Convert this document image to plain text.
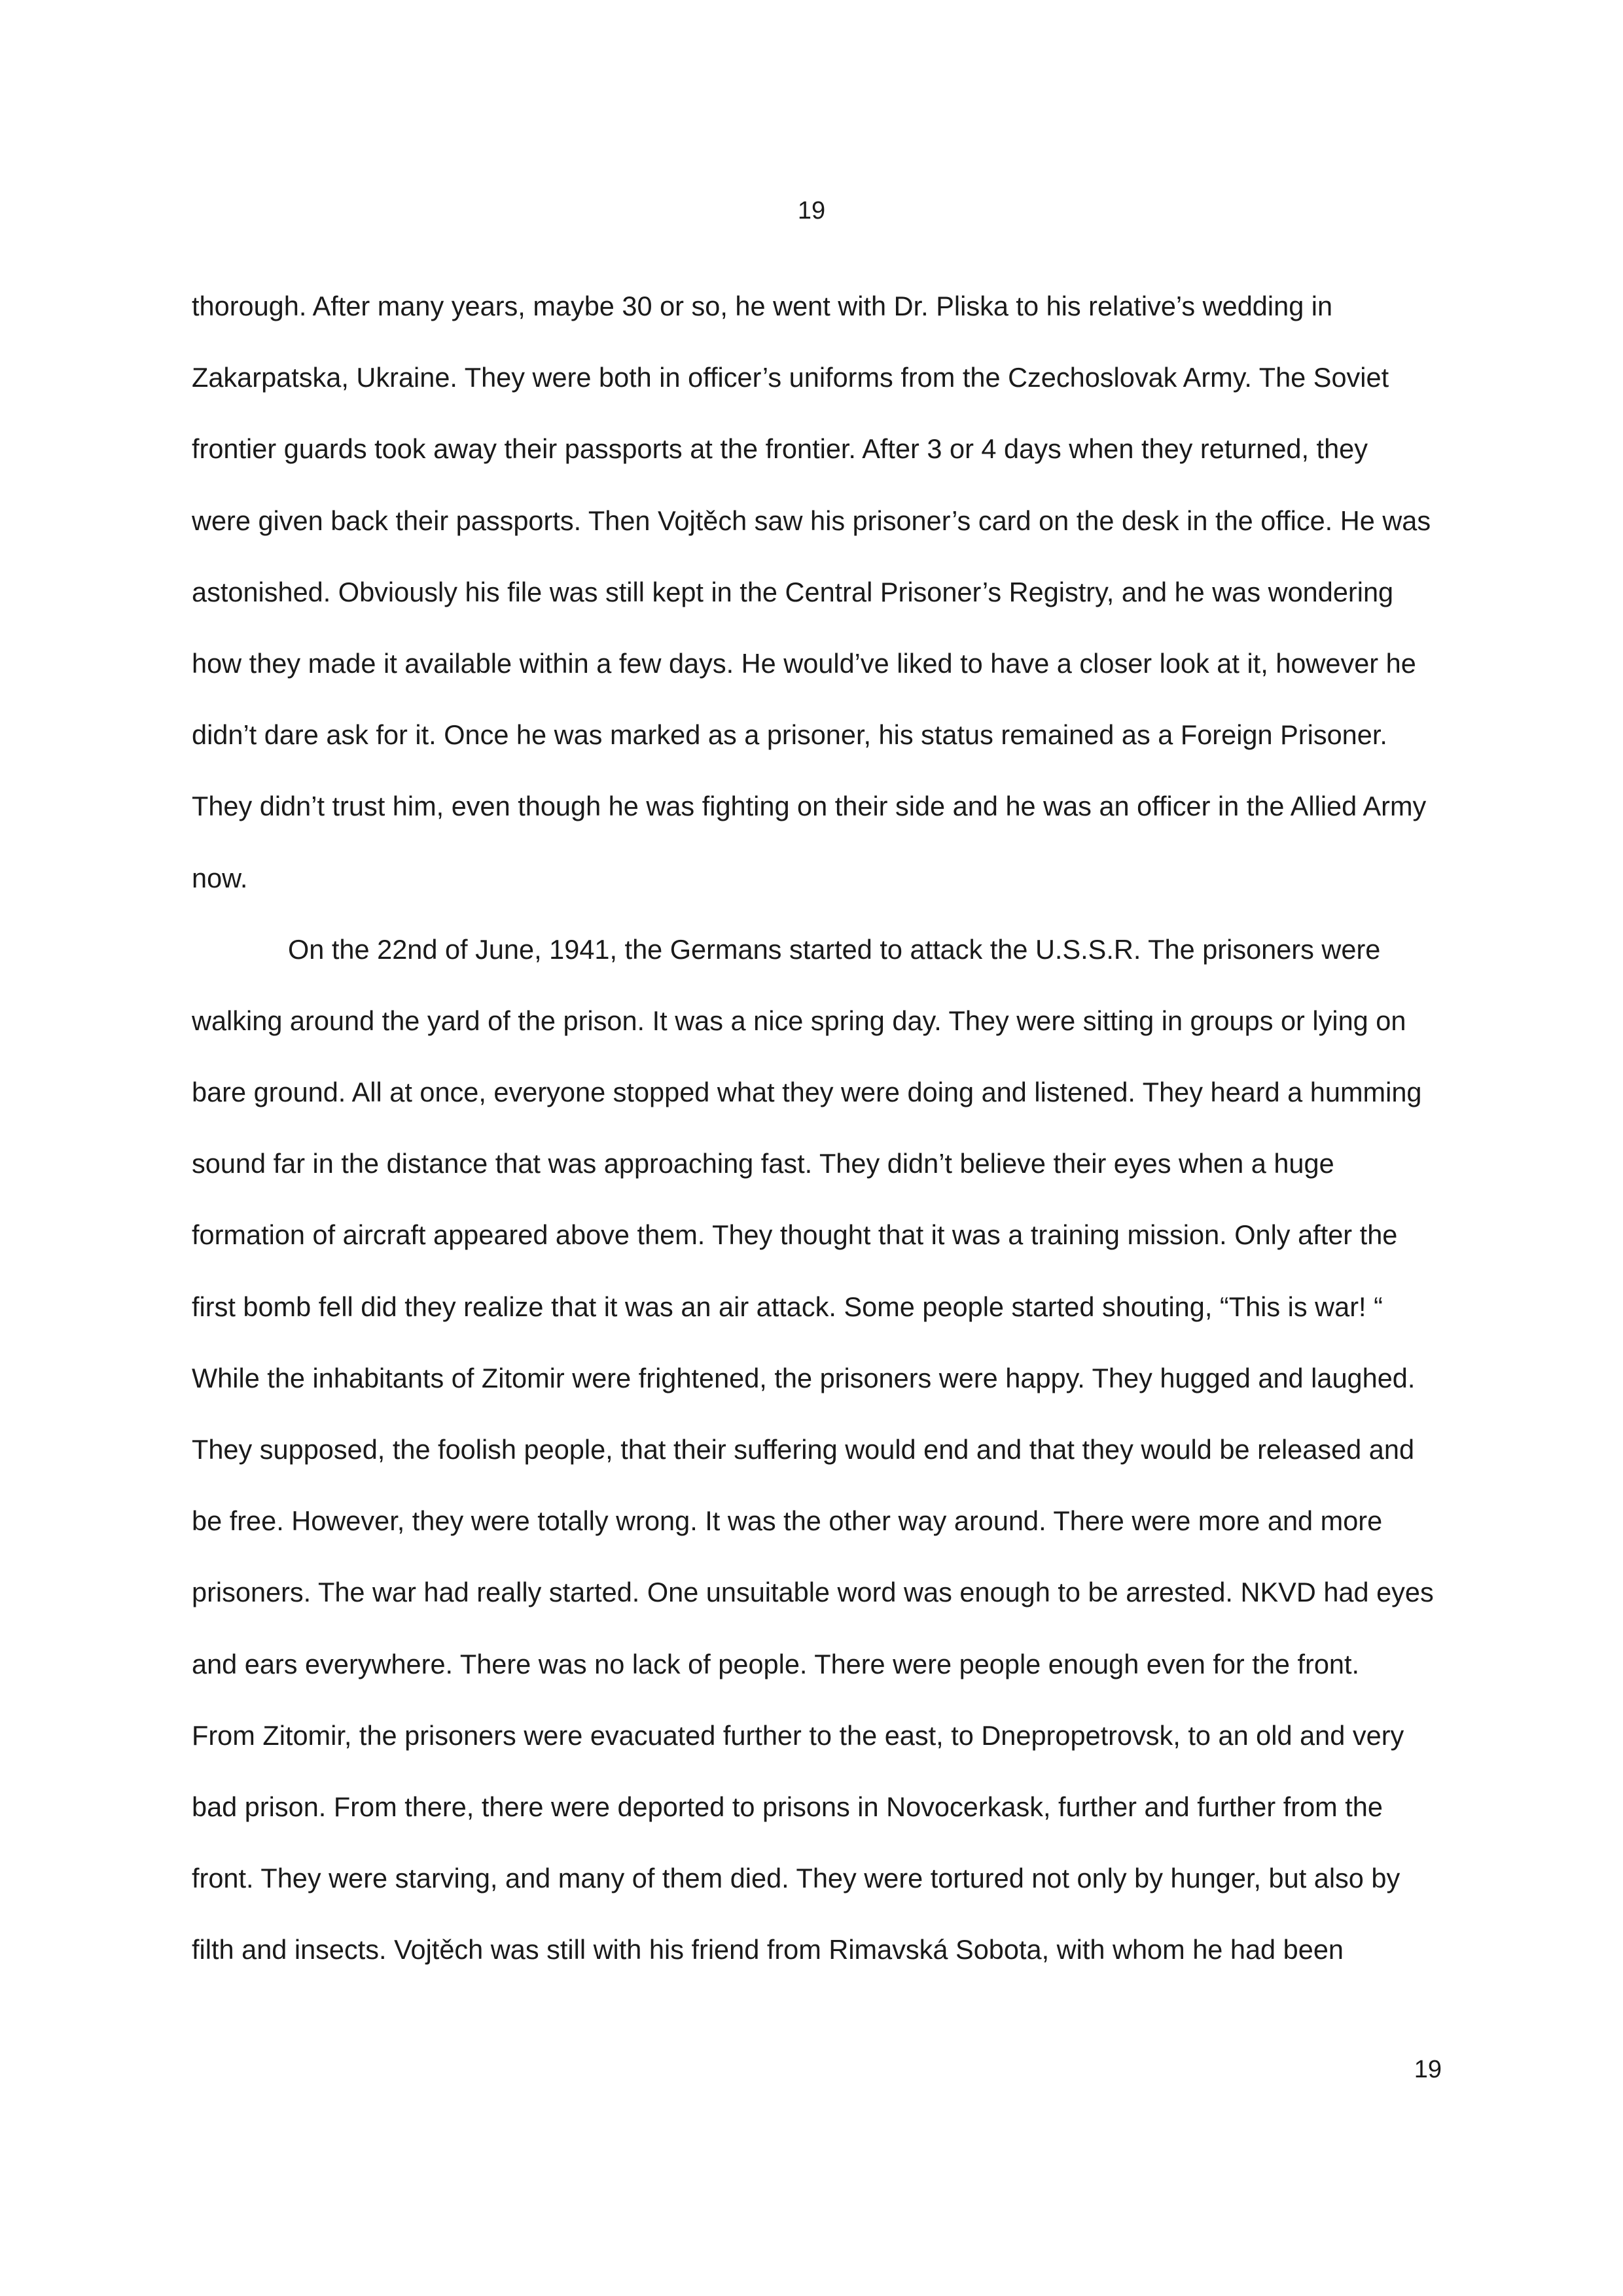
19
thorough. After many years, maybe 30 or so, he went with Dr. Pliska to his relative’s wedding in
Zakarpatska, Ukraine. They were both in officer’s uniforms from the Czechoslovak Army. The Soviet
frontier guards took away their passports at the frontier. After 3 or 4 days when they returned, they
were given back their passports. Then Vojtěch saw his prisoner’s card on the desk in the office. He was
astonished. Obviously his file was still kept in the Central Prisoner’s Registry, and he was wondering
how they made it available within a few days. He would’ve liked to have a closer look at it, however he
didn’t dare ask for it. Once he was marked as a prisoner, his status remained as a Foreign Prisoner.
They didn’t trust him, even though he was fighting on their side and he was an officer in the Allied Army
now.
On the 22nd of June, 1941, the Germans started to attack the U.S.S.R. The prisoners were
walking around the yard of the prison. It was a nice spring day. They were sitting in groups or lying on
bare ground. All at once, everyone stopped what they were doing and listened. They heard a humming
sound far in the distance that was approaching fast. They didn’t believe their eyes when a huge
formation of aircraft appeared above them. They thought that it was a training mission. Only after the
first bomb fell did they realize that it was an air attack. Some people started shouting, “This is war! “
While the inhabitants of Zitomir were frightened, the prisoners were happy. They hugged and laughed.
They supposed, the foolish people, that their suffering would end and that they would be released and
be free. However, they were totally wrong. It was the other way around. There were more and more
prisoners. The war had really started. One unsuitable word was enough to be arrested. NKVD had eyes
and ears everywhere. There was no lack of people. There were people enough even for the front.
From Zitomir, the prisoners were evacuated further to the east, to Dnepropetrovsk, to an old and very
bad prison. From there, there were deported to prisons in Novocerkask, further and further from the
front. They were starving, and many of them died. They were tortured not only by hunger, but also by
filth and insects. Vojtěch was still with his friend from Rimavská Sobota, with whom he had been
19
